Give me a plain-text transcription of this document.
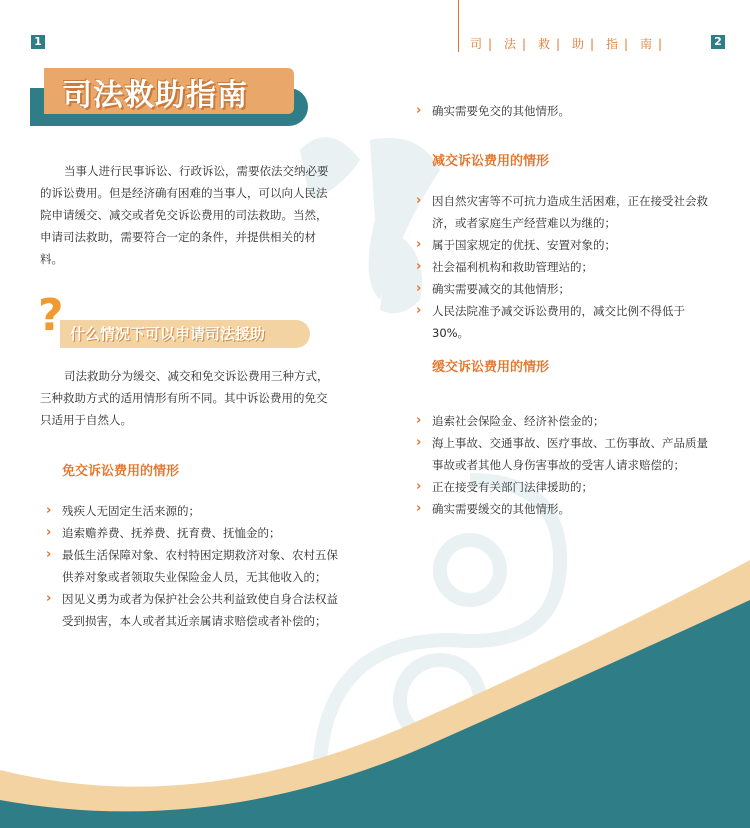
1	2
司 |	法 |	救 |	助 |	指 |	南 |
司法救助指南
当事人进行民事诉讼、行政诉讼，需要依法交纳必要的诉讼费用。但是经济确有困难的当事人，可以向人民法院申请缓交、减交或者免交诉讼费用的司法救助。当然，申请司法救助，需要符合一定的条件，并提供相关的材料。
? 什么情况下可以申请司法援助
司法救助分为缓交、减交和免交诉讼费用三种方式，三种救助方式的适用情形有所不同。其中诉讼费用的免交只适用于自然人。
免交诉讼费用的情形
› 残疾人无固定生活来源的；
› 追索赡养费、抚养费、抚育费、抚恤金的；
› 最低生活保障对象、农村特困定期救济对象、农村五保供养对象或者领取失业保险金人员，无其他收入的；
› 因见义勇为或者为保护社会公共利益致使自身合法权益受到损害，本人或者其近亲属请求赔偿或者补偿的；
› 确实需要免交的其他情形。
减交诉讼费用的情形
› 因自然灾害等不可抗力造成生活困难，正在接受社会救济，或者家庭生产经营难以为继的；
› 属于国家规定的优抚、安置对象的；
› 社会福利机构和救助管理站的；
› 确实需要减交的其他情形；
› 人民法院准予减交诉讼费用的，减交比例不得低于30%。
缓交诉讼费用的情形
› 追索社会保险金、经济补偿金的；
› 海上事故、交通事故、医疗事故、工伤事故、产品质量事故或者其他人身伤害事故的受害人请求赔偿的；
› 正在接受有关部门法律援助的；
› 确实需要缓交的其他情形。
